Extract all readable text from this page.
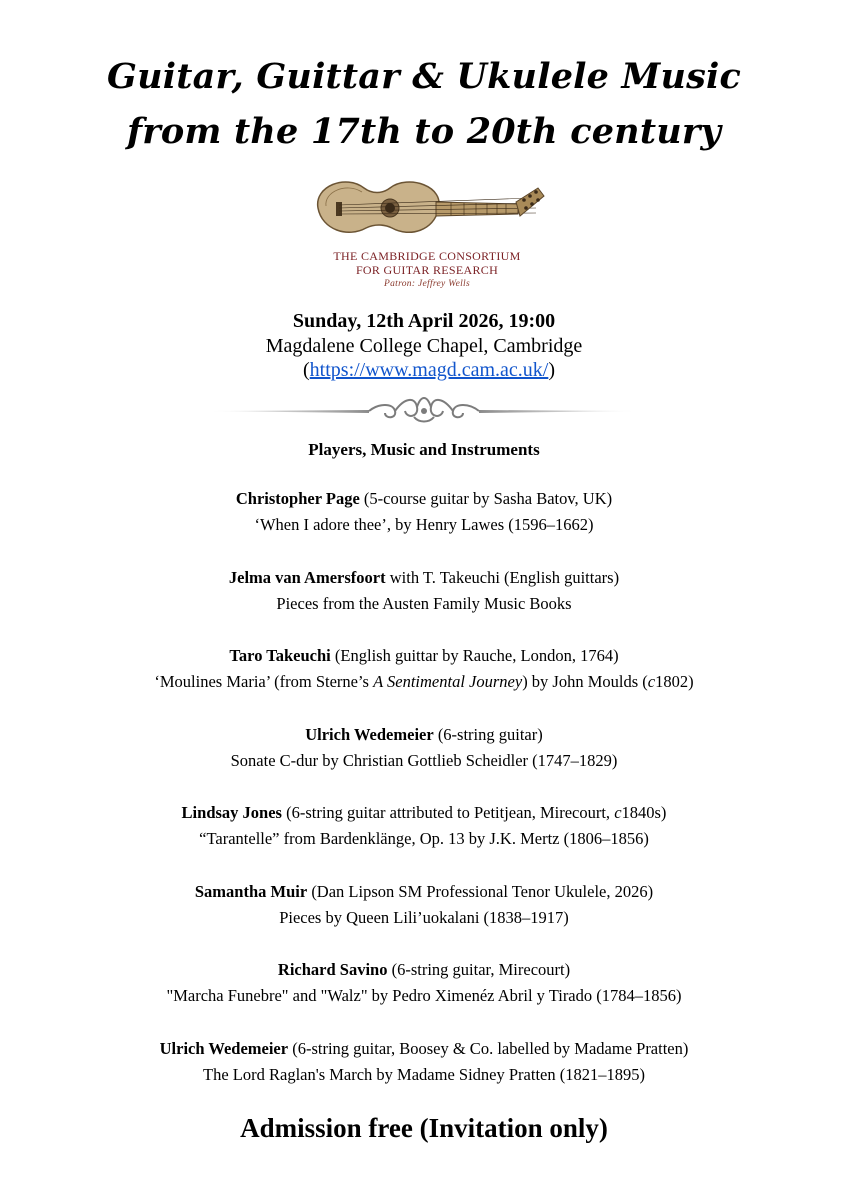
Guitar, Guittar & Ukulele Music
from the 17th to 20th century
THE CAMBRIDGE CONSORTIUM
FOR GUITAR RESEARCH
Patron: Jeffrey Wells
Sunday, 12th April 2026, 19:00
Magdalene College Chapel, Cambridge
(https://www.magd.cam.ac.uk/)
Players, Music and Instruments
Christopher Page (5-course guitar by Sasha Batov, UK)
‘When I adore thee’, by Henry Lawes (1596–1662)
Jelma van Amersfoort with T. Takeuchi (English guittars)
Pieces from the Austen Family Music Books
Taro Takeuchi (English guittar by Rauche, London, 1764)
‘Moulines Maria’ (from Sterne’s A Sentimental Journey) by John Moulds (c1802)
Ulrich Wedemeier (6-string guitar)
Sonate C-dur by Christian Gottlieb Scheidler (1747–1829)
Lindsay Jones (6-string guitar attributed to Petitjean, Mirecourt, c1840s)
“Tarantelle” from Bardenklänge, Op. 13 by J.K. Mertz (1806–1856)
Samantha Muir (Dan Lipson SM Professional Tenor Ukulele, 2026)
Pieces by Queen Lili’uokalani (1838–1917)
Richard Savino (6-string guitar, Mirecourt)
"Marcha Funebre" and "Walz" by Pedro Ximenéz Abril y Tirado (1784–1856)
Ulrich Wedemeier (6-string guitar, Boosey & Co. labelled by Madame Pratten)
The Lord Raglan's March by Madame Sidney Pratten (1821–1895)
Admission free (Invitation only)
